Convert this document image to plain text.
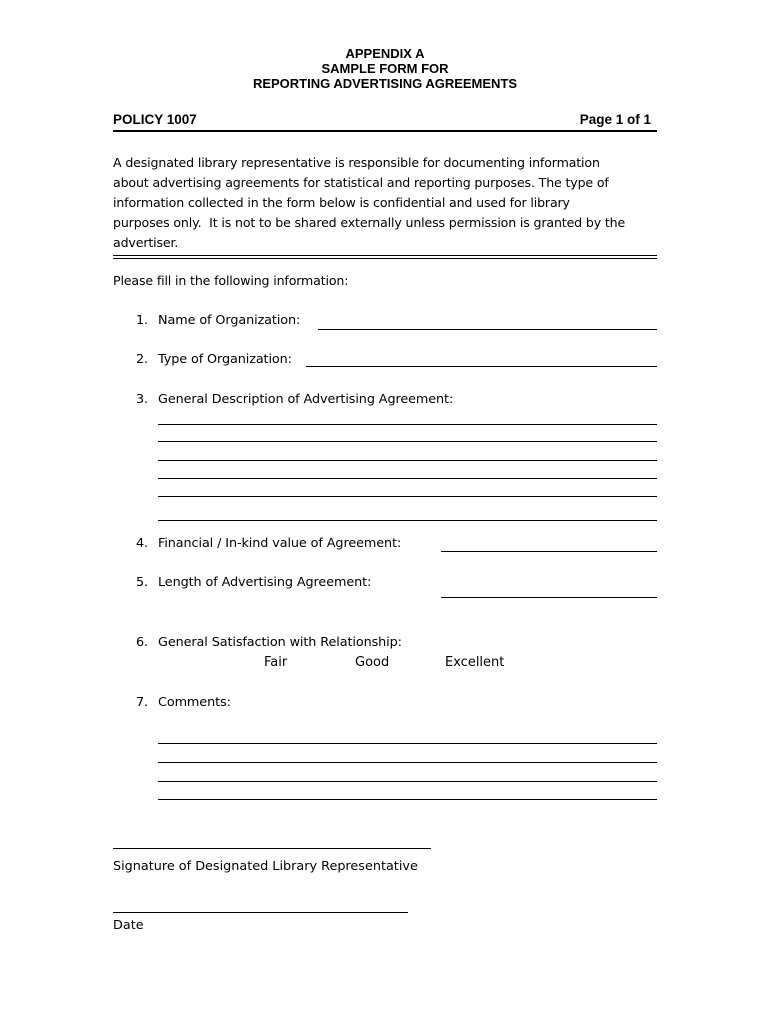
APPENDIX A
SAMPLE FORM FOR
REPORTING ADVERTISING AGREEMENTS
POLICY 1007	Page 1 of 1
A designated library representative is responsible for documenting information
about advertising agreements for statistical and reporting purposes. The type of
information collected in the form below is confidential and used for library
purposes only.  It is not to be shared externally unless permission is granted by the
advertiser.
Please fill in the following information:
1. Name of Organization:
2. Type of Organization:
3. General Description of Advertising Agreement:
4. Financial / In-kind value of Agreement:
5. Length of Advertising Agreement:
6. General Satisfaction with Relationship:
Fair	Good	Excellent
7. Comments:
Signature of Designated Library Representative
Date
